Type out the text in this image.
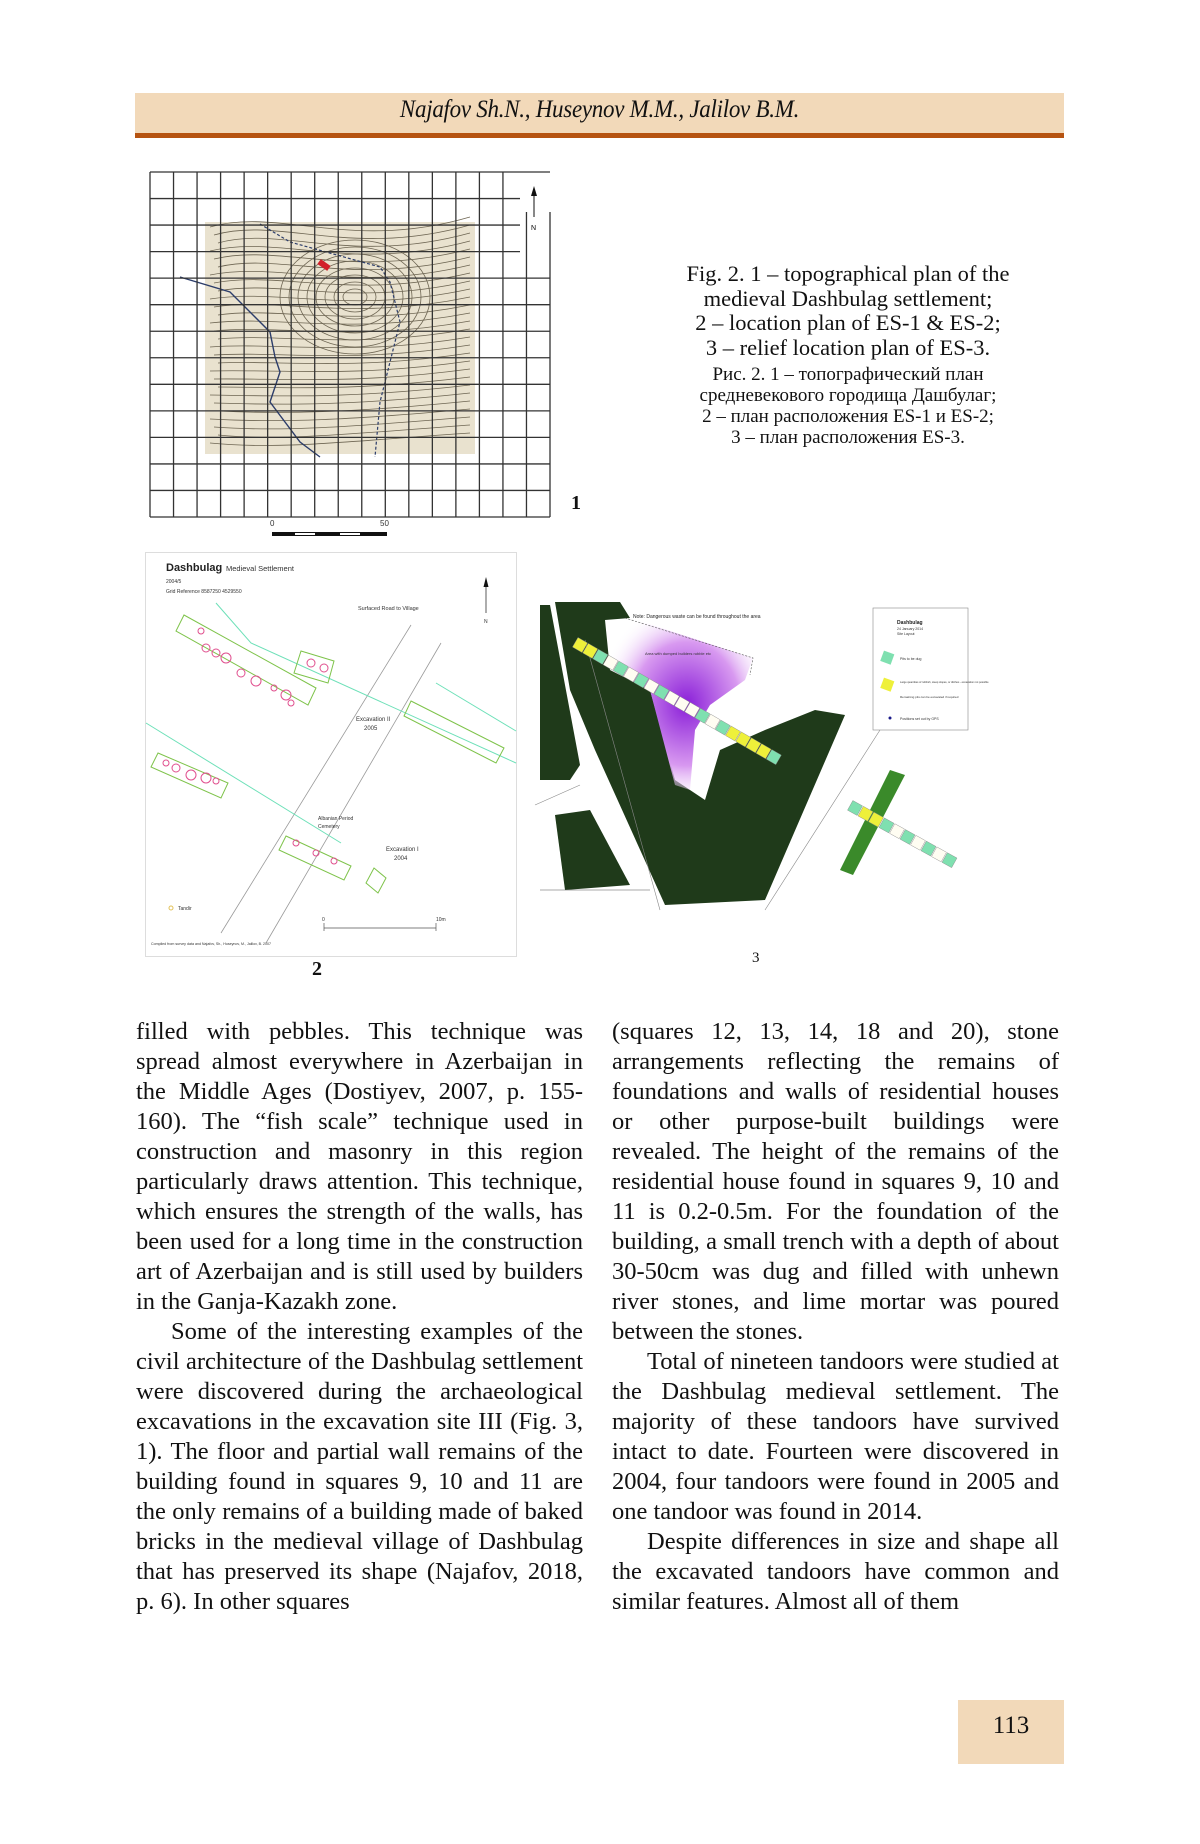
Najafov Sh.N., Huseynov M.M., Jalilov B.M.
N
0	50
1
Fig. 2. 1 – topographical plan of the
medieval Dashbulag settlement;
2 – location plan of ES-1 & ES-2;
3 – relief location plan of ES-3.
Рис. 2. 1 – топографический план
средневекового городища Дашбулаг;
2 – план расположения ES-1 и ES-2;
3 – план расположения ES-3.
Dashbulag Medieval Settlement
2004/5
Grid Reference 8587250 4529550
Surfaced Road to Village
N
Excavation II
2005
Albanian Period
Cemetery
Excavation I
2004
Tandir
0	10m
Compiled from survey data and Najafov, Sh., Huseynov, M., Jalilov, B. 2007
2
Note: Dangerous waste can be found throughout the area
Area with dumped builders rubble etc
Dashbulag
24 January 2014
Site Layout
Pits to be dug
Large quantities of rubbish, steep slopes, or ditches - excavation not possible
Remaining pits can be excavated if required
Positions set out by GPS
3

filled with pebbles. This technique was spread almost everywhere in Azerbaijan in the Middle Ages (Dostiyev, 2007, p. 155-160). The “fish scale” technique used in construction and masonry in this region particularly draws attention. This technique, which ensures the strength of the walls, has been used for a long time in the construction art of Azerbaijan and is still used by builders in the Ganja-Kazakh zone.

Some of the interesting examples of the civil architecture of the Dashbulag settlement were discovered during the archaeological excavations in the excavation site III (Fig. 3, 1). The floor and partial wall remains of the building found in squares 9, 10 and 11 are the only remains of a building made of baked bricks in the medieval village of Dashbulag that has preserved its shape (Najafov, 2018, p. 6). In other squares

(squares 12, 13, 14, 18 and 20), stone arrangements reflecting the remains of foundations and walls of residential houses or other purpose-built buildings were revealed. The height of the remains of the residential house found in squares 9, 10 and 11 is 0.2-0.5m. For the foundation of the building, a small trench with a depth of about 30-50cm was dug and filled with unhewn river stones, and lime mortar was poured between the stones.

Total of nineteen tandoors were studied at the Dashbulag medieval settlement. The majority of these tandoors have survived intact to date. Fourteen were discovered in 2004, four tandoors were found in 2005 and one tandoor was found in 2014.

Despite differences in size and shape all the excavated tandoors have common and similar features. Almost all of them

113
